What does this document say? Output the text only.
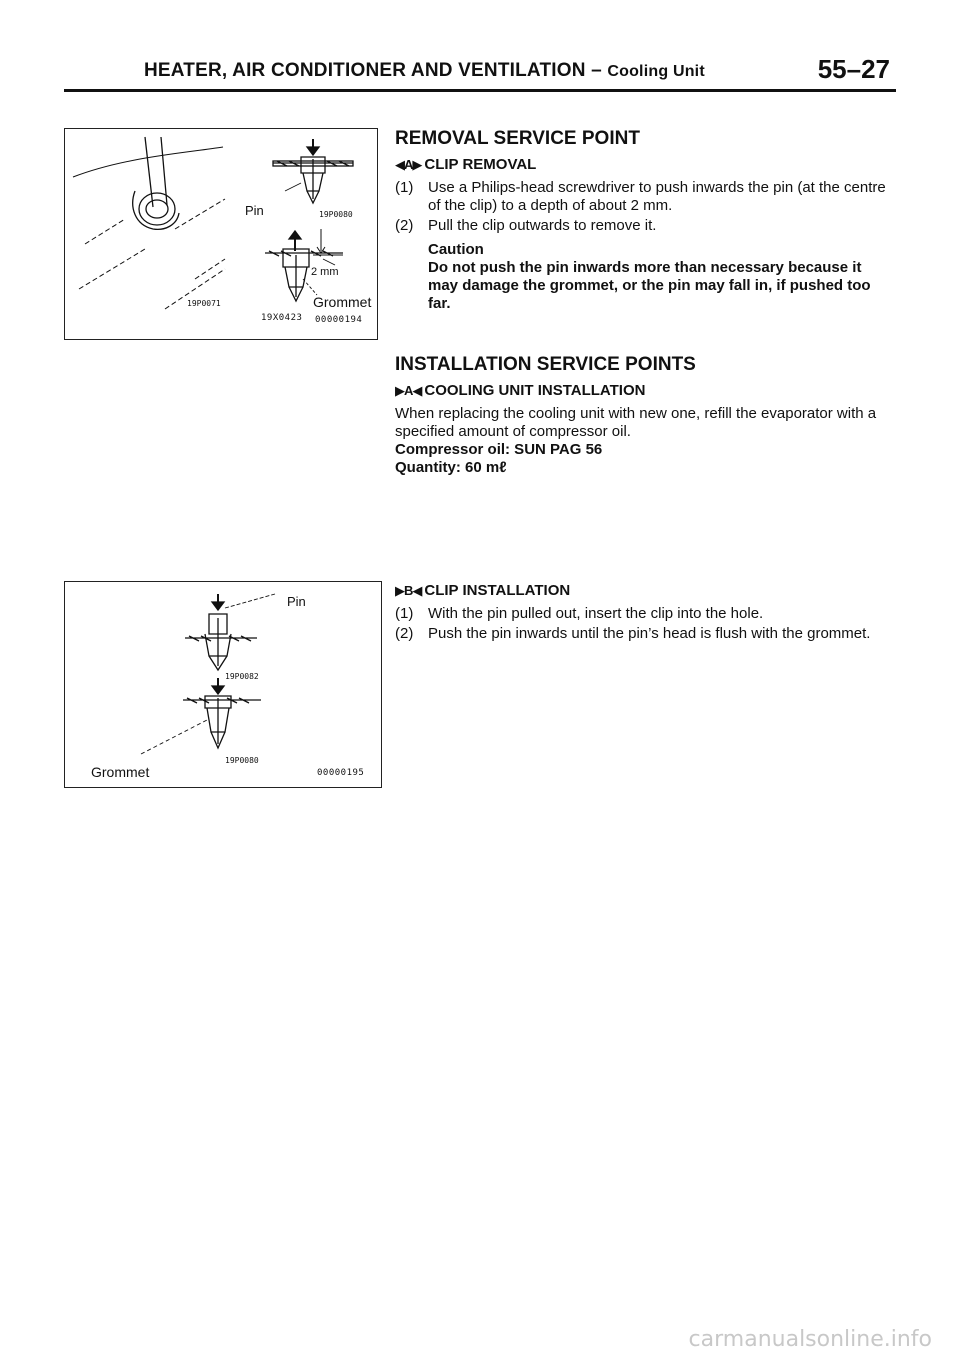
HEATER, AIR CONDITIONER AND VENTILATION – Cooling Unit	55–27
Pin	19P0080
2 mm
Grommet
19P0071
19X0423 00000194
Pin
19P0082
19P0080
Grommet	00000195
REMOVAL SERVICE POINT
◀A▶ CLIP REMOVAL
(1) Use a Philips-head screwdriver to push inwards the pin (at the centre of the clip) to a depth of about 2 mm.
(2) Pull the clip outwards to remove it.
Caution
Do not push the pin inwards more than necessary because it may damage the grommet, or the pin may fall in, if pushed too far.
INSTALLATION SERVICE POINTS
▶A◀ COOLING UNIT INSTALLATION
When replacing the cooling unit with new one, refill the evaporator with a specified amount of compressor oil.
Compressor oil: SUN PAG 56
Quantity: 60 mℓ
▶B◀ CLIP INSTALLATION
(1) With the pin pulled out, insert the clip into the hole.
(2) Push the pin inwards until the pin’s head is flush with the grommet.
carmanualsonline.info
